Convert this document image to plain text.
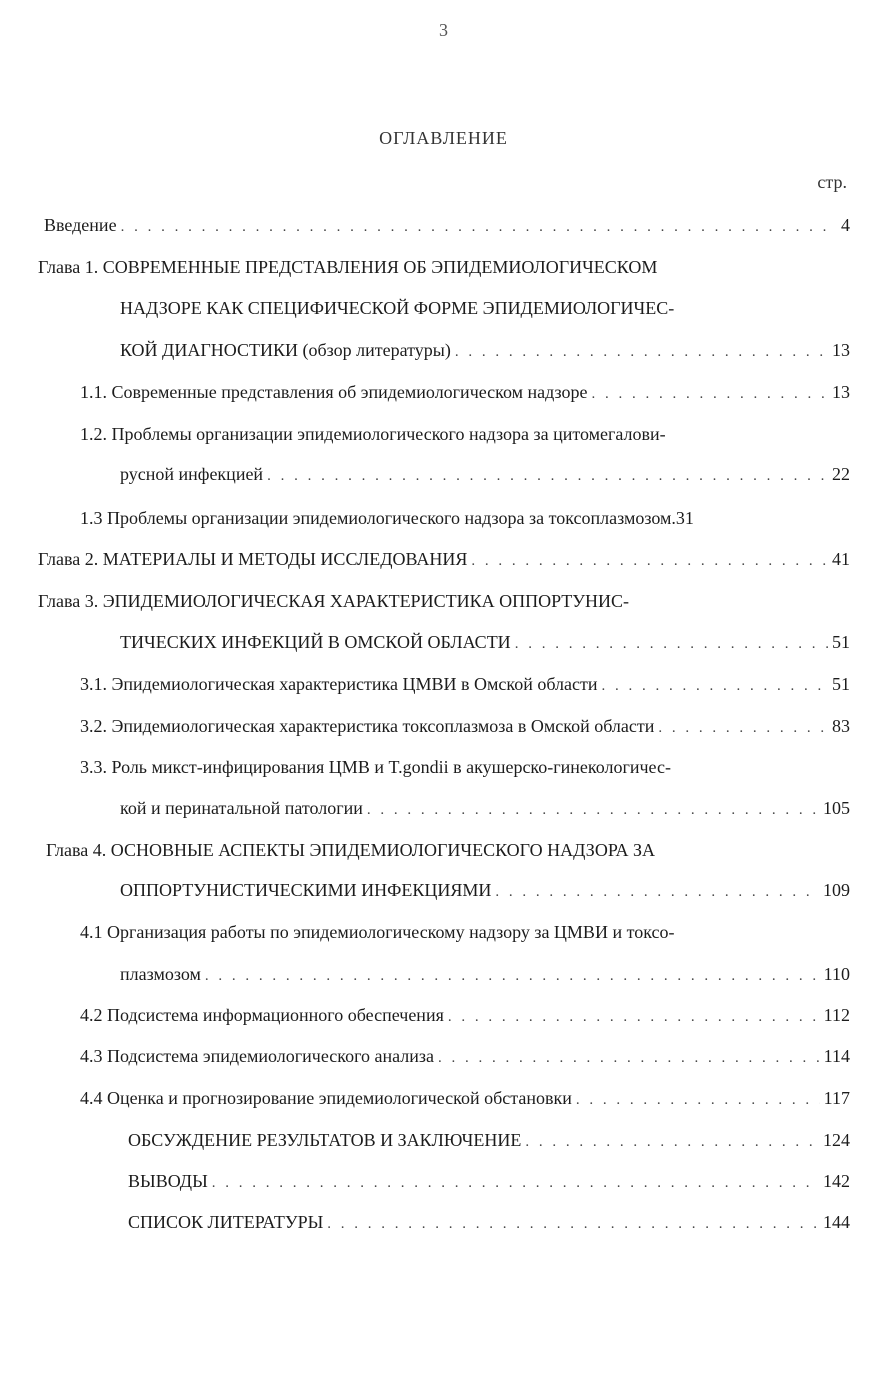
3
ОГЛАВЛЕНИЕ
стр.
Введение . . .	4
Глава 1. СОВРЕМЕННЫЕ ПРЕДСТАВЛЕНИЯ ОБ ЭПИДЕМИОЛОГИЧЕСКОМ
НАДЗОРЕ КАК СПЕЦИФИЧЕСКОЙ ФОРМЕ ЭПИДЕМИОЛОГИЧЕС-
КОЙ ДИАГНОСТИКИ (обзор литературы) . . .	13
1.1. Современные представления об эпидемиологическом надзоре . . .	13
1.2. Проблемы организации эпидемиологического надзора за цитомегалови-
русной инфекцией . . .	22
1.3 Проблемы организации эпидемиологического надзора за токсоплазмозом. 31
Глава 2. МАТЕРИАЛЫ И МЕТОДЫ ИССЛЕДОВАНИЯ . . .	41
Глава 3. ЭПИДЕМИОЛОГИЧЕСКАЯ ХАРАКТЕРИСТИКА ОППОРТУНИС-
ТИЧЕСКИХ ИНФЕКЦИЙ В ОМСКОЙ ОБЛАСТИ . . .	51
3.1. Эпидемиологическая характеристика ЦМВИ в Омской области . . .	51
3.2. Эпидемиологическая характеристика токсоплазмоза в Омской области . . .	83
3.3. Роль микст-инфицирования ЦМВ и T.gondii в акушерско-гинекологичес-
кой и перинатальной патологии . . .	105
Глава 4. ОСНОВНЫЕ АСПЕКТЫ ЭПИДЕМИОЛОГИЧЕСКОГО НАДЗОРА ЗА
ОППОРТУНИСТИЧЕСКИМИ ИНФЕКЦИЯМИ . . .	109
4.1 Организация работы по эпидемиологическому надзору за ЦМВИ и токсо-
плазмозом . . .	110
4.2 Подсистема информационного обеспечения . . .	112
4.3 Подсистема эпидемиологического анализа . . .	114
4.4 Оценка и прогнозирование эпидемиологической обстановки . . .	117
ОБСУЖДЕНИЕ РЕЗУЛЬТАТОВ И ЗАКЛЮЧЕНИЕ . . .	124
ВЫВОДЫ . . .	142
СПИСОК ЛИТЕРАТУРЫ . . .	144
